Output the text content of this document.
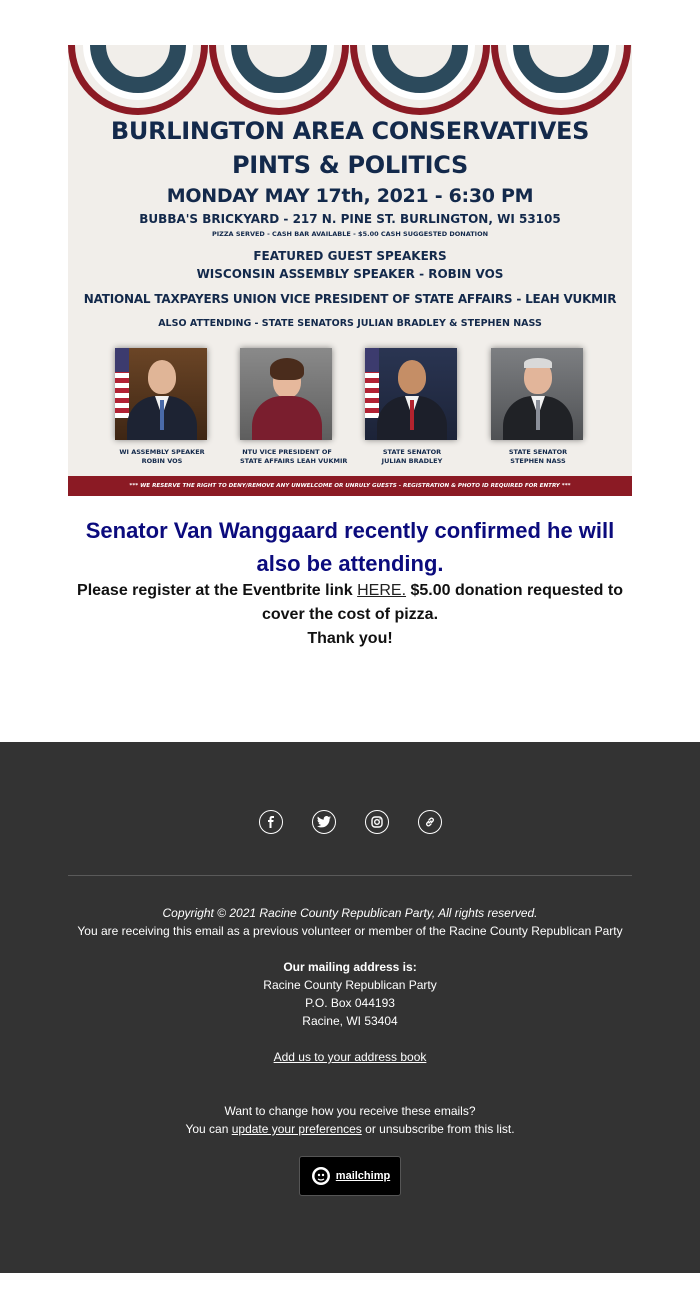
BURLINGTON AREA CONSERVATIVES
PINTS & POLITICS
MONDAY MAY 17th, 2021 - 6:30 PM
BUBBA'S BRICKYARD - 217 N. PINE ST. BURLINGTON, WI 53105
PIZZA SERVED - CASH BAR AVAILABLE - $5.00 CASH SUGGESTED DONATION
FEATURED GUEST SPEAKERS
WISCONSIN ASSEMBLY SPEAKER - ROBIN VOS
NATIONAL TAXPAYERS UNION VICE PRESIDENT OF STATE AFFAIRS - LEAH VUKMIR
ALSO ATTENDING - STATE SENATORS JULIAN BRADLEY & STEPHEN NASS
WI ASSEMBLY SPEAKER
ROBIN VOS
NTU VICE PRESIDENT OF
STATE AFFAIRS LEAH VUKMIR
STATE SENATOR
JULIAN BRADLEY
STATE SENATOR
STEPHEN NASS
*** WE RESERVE THE RIGHT TO DENY/REMOVE ANY UNWELCOME OR UNRULY GUESTS - REGISTRATION & PHOTO ID REQUIRED FOR ENTRY ***
Senator Van Wanggaard recently confirmed he will also be attending.
Please register at the Eventbrite link HERE. $5.00 donation requested to cover the cost of pizza.
Thank you!
Copyright © 2021 Racine County Republican Party, All rights reserved.
You are receiving this email as a previous volunteer or member of the Racine County Republican Party
Our mailing address is:
Racine County Republican Party
P.O. Box 044193
Racine, WI 53404
Add us to your address book
Want to change how you receive these emails?
You can update your preferences or unsubscribe from this list.
mailchimp
